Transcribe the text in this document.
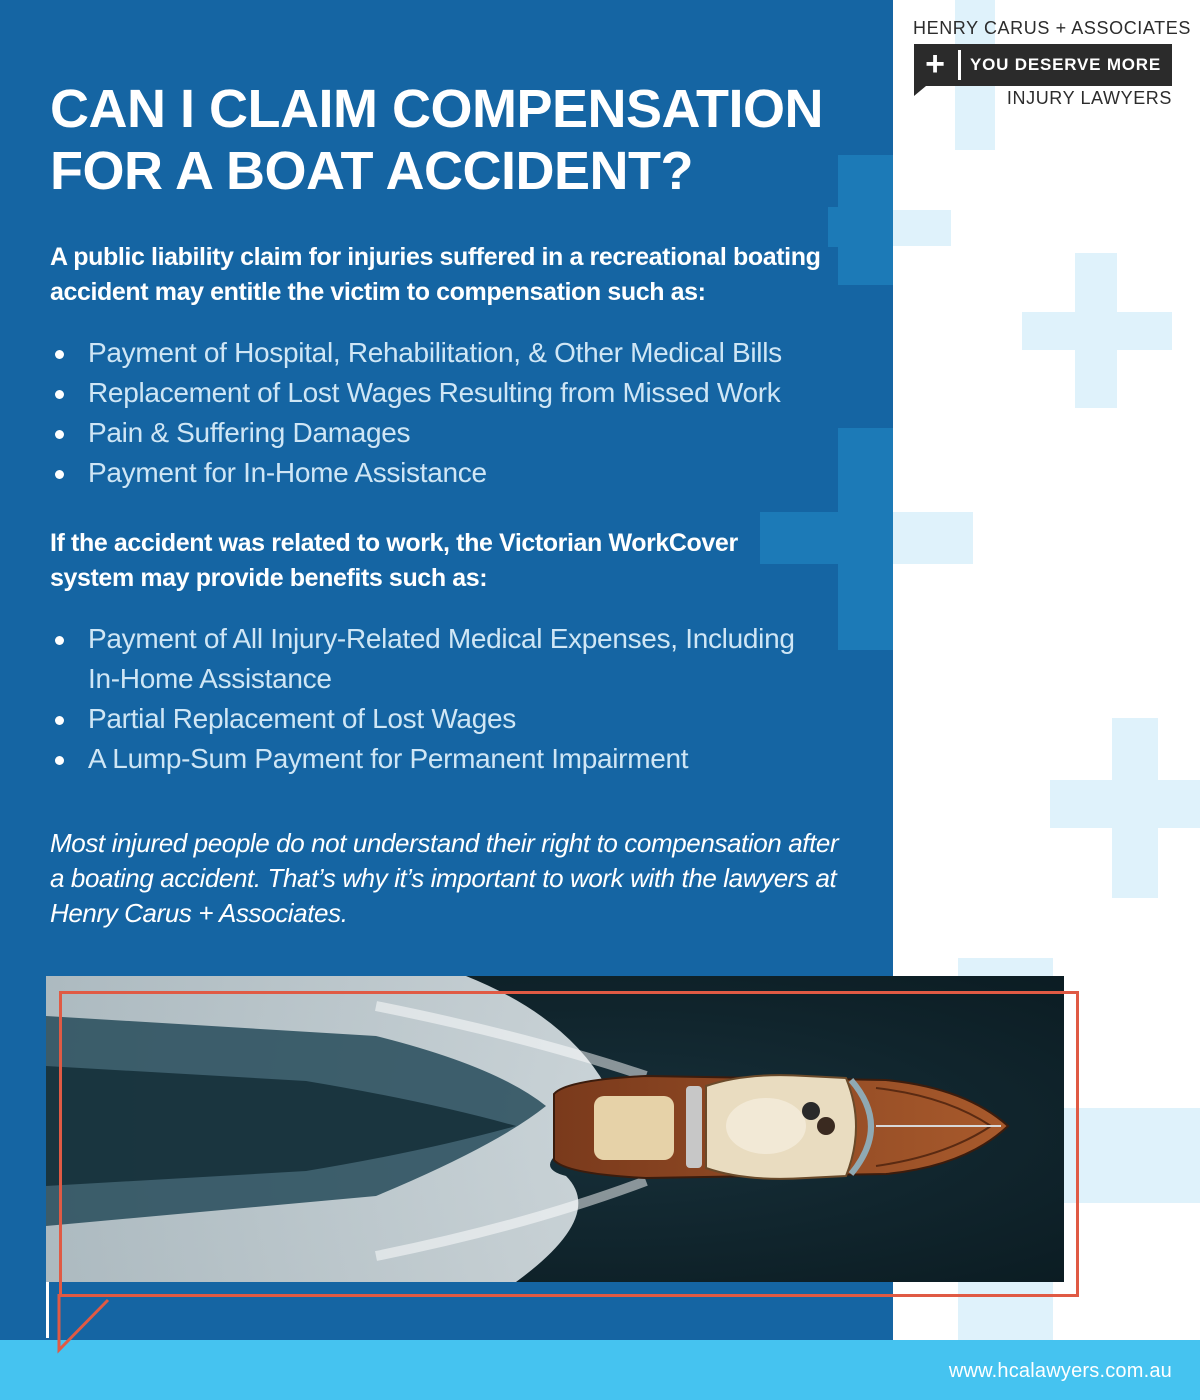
HENRY CARUS + ASSOCIATES
+	YOU DESERVE MORE
INJURY LAWYERS
CAN I CLAIM COMPENSATION
FOR A BOAT ACCIDENT?

A public liability claim for injuries suffered in a recreational boating accident may entitle the victim to compensation such as:

Payment of Hospital, Rehabilitation, & Other Medical Bills
Replacement of Lost Wages Resulting from Missed Work
Pain & Suffering Damages
Payment for In-Home Assistance

If the accident was related to work, the Victorian WorkCover system may provide benefits such as:

Payment of All Injury-Related Medical Expenses, Including In-Home Assistance
Partial Replacement of Lost Wages
A Lump-Sum Payment for Permanent Impairment

Most injured people do not understand their right to compensation after a boating accident. That’s why it’s important to work with the lawyers at Henry Carus + Associates.

www.hcalawyers.com.au
